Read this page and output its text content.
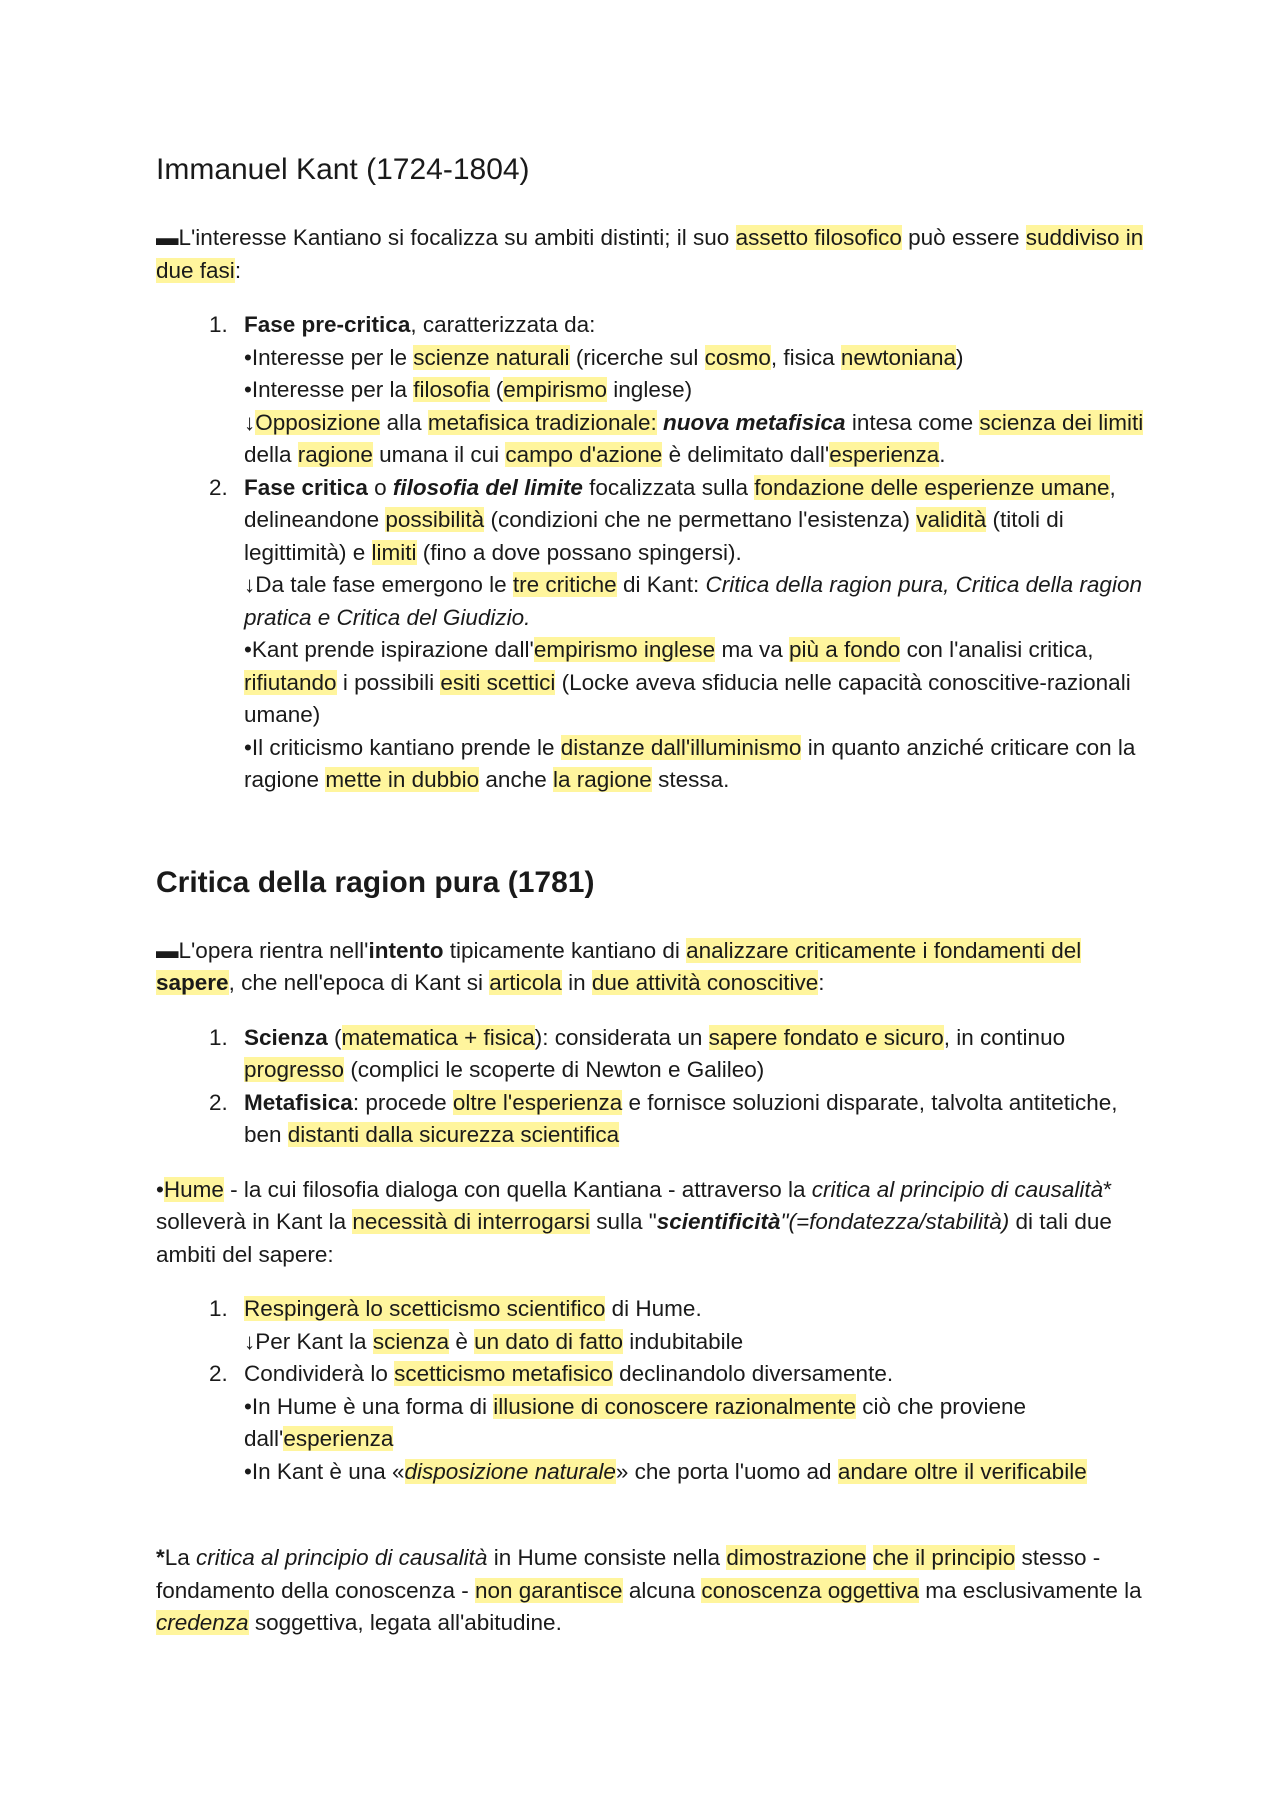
Immanuel Kant (1724-1804)

▬L'interesse Kantiano si focalizza su ambiti distinti; il suo assetto filosofico può essere suddiviso in due fasi:

1. Fase pre-critica, caratterizzata da:
•Interesse per le scienze naturali (ricerche sul cosmo, fisica newtoniana)
•Interesse per la filosofia (empirismo inglese)
↓Opposizione alla metafisica tradizionale: nuova metafisica intesa come scienza dei limiti della ragione umana il cui campo d'azione è delimitato dall'esperienza.
2. Fase critica o filosofia del limite focalizzata sulla fondazione delle esperienze umane, delineandone possibilità (condizioni che ne permettano l'esistenza) validità (titoli di legittimità) e limiti (fino a dove possano spingersi).
↓Da tale fase emergono le tre critiche di Kant: Critica della ragion pura, Critica della ragion pratica e Critica del Giudizio.
•Kant prende ispirazione dall'empirismo inglese ma va più a fondo con l'analisi critica, rifiutando i possibili esiti scettici (Locke aveva sfiducia nelle capacità conoscitive-razionali umane)
•Il criticismo kantiano prende le distanze dall'illuminismo in quanto anziché criticare con la ragione mette in dubbio anche la ragione stessa.
Critica della ragion pura (1781)

▬L'opera rientra nell'intento tipicamente kantiano di analizzare criticamente i fondamenti del sapere, che nell'epoca di Kant si articola in due attività conoscitive:

1. Scienza (matematica + fisica): considerata un sapere fondato e sicuro, in continuo progresso (complici le scoperte di Newton e Galileo)
2. Metafisica: procede oltre l'esperienza e fornisce soluzioni disparate, talvolta antitetiche, ben distanti dalla sicurezza scientifica

•Hume - la cui filosofia dialoga con quella Kantiana - attraverso la critica al principio di causalità* solleverà in Kant la necessità di interrogarsi sulla "scientificità"(=fondatezza/stabilità) di tali due ambiti del sapere:

1. Respingerà lo scetticismo scientifico di Hume.
↓Per Kant la scienza è un dato di fatto indubitabile
2. Condividerà lo scetticismo metafisico declinandolo diversamente.
•In Hume è una forma di illusione di conoscere razionalmente ciò che proviene dall'esperienza
•In Kant è una «disposizione naturale» che porta l'uomo ad andare oltre il verificabile

*La critica al principio di causalità in Hume consiste nella dimostrazione che il principio stesso - fondamento della conoscenza - non garantisce alcuna conoscenza oggettiva ma esclusivamente la credenza soggettiva, legata all'abitudine.
